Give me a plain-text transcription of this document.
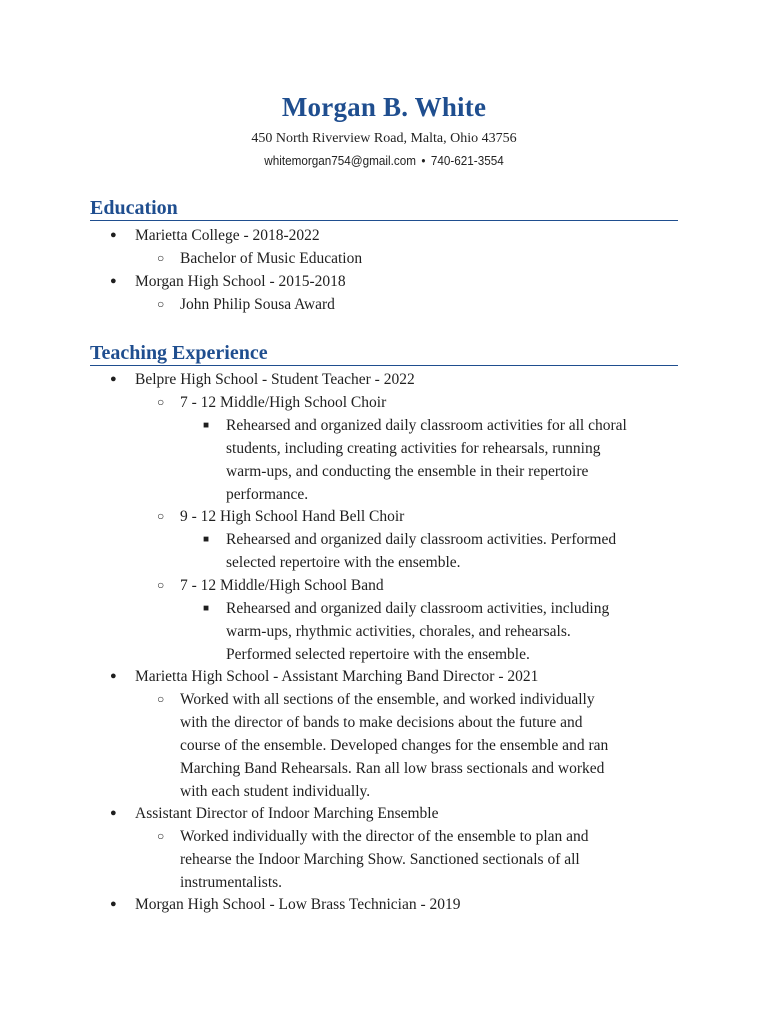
Morgan B. White
450 North Riverview Road, Malta, Ohio 43756
whitemorgan754@gmail.com • 740-621-3554
Education
● Marietta College - 2018-2022
○ Bachelor of Music Education
● Morgan High School - 2015-2018
○ John Philip Sousa Award
Teaching Experience
● Belpre High School - Student Teacher - 2022
○ 7 - 12 Middle/High School Choir
■ Rehearsed and organized daily classroom activities for all choral
students, including creating activities for rehearsals, running
warm-ups, and conducting the ensemble in their repertoire
performance.
○ 9 - 12 High School Hand Bell Choir
■ Rehearsed and organized daily classroom activities. Performed
selected repertoire with the ensemble.
○ 7 - 12 Middle/High School Band
■ Rehearsed and organized daily classroom activities, including
warm-ups, rhythmic activities, chorales, and rehearsals.
Performed selected repertoire with the ensemble.
● Marietta High School - Assistant Marching Band Director - 2021
○ Worked with all sections of the ensemble, and worked individually
with the director of bands to make decisions about the future and
course of the ensemble. Developed changes for the ensemble and ran
Marching Band Rehearsals. Ran all low brass sectionals and worked
with each student individually.
● Assistant Director of Indoor Marching Ensemble
○ Worked individually with the director of the ensemble to plan and
rehearse the Indoor Marching Show. Sanctioned sectionals of all
instrumentalists.
● Morgan High School - Low Brass Technician - 2019
